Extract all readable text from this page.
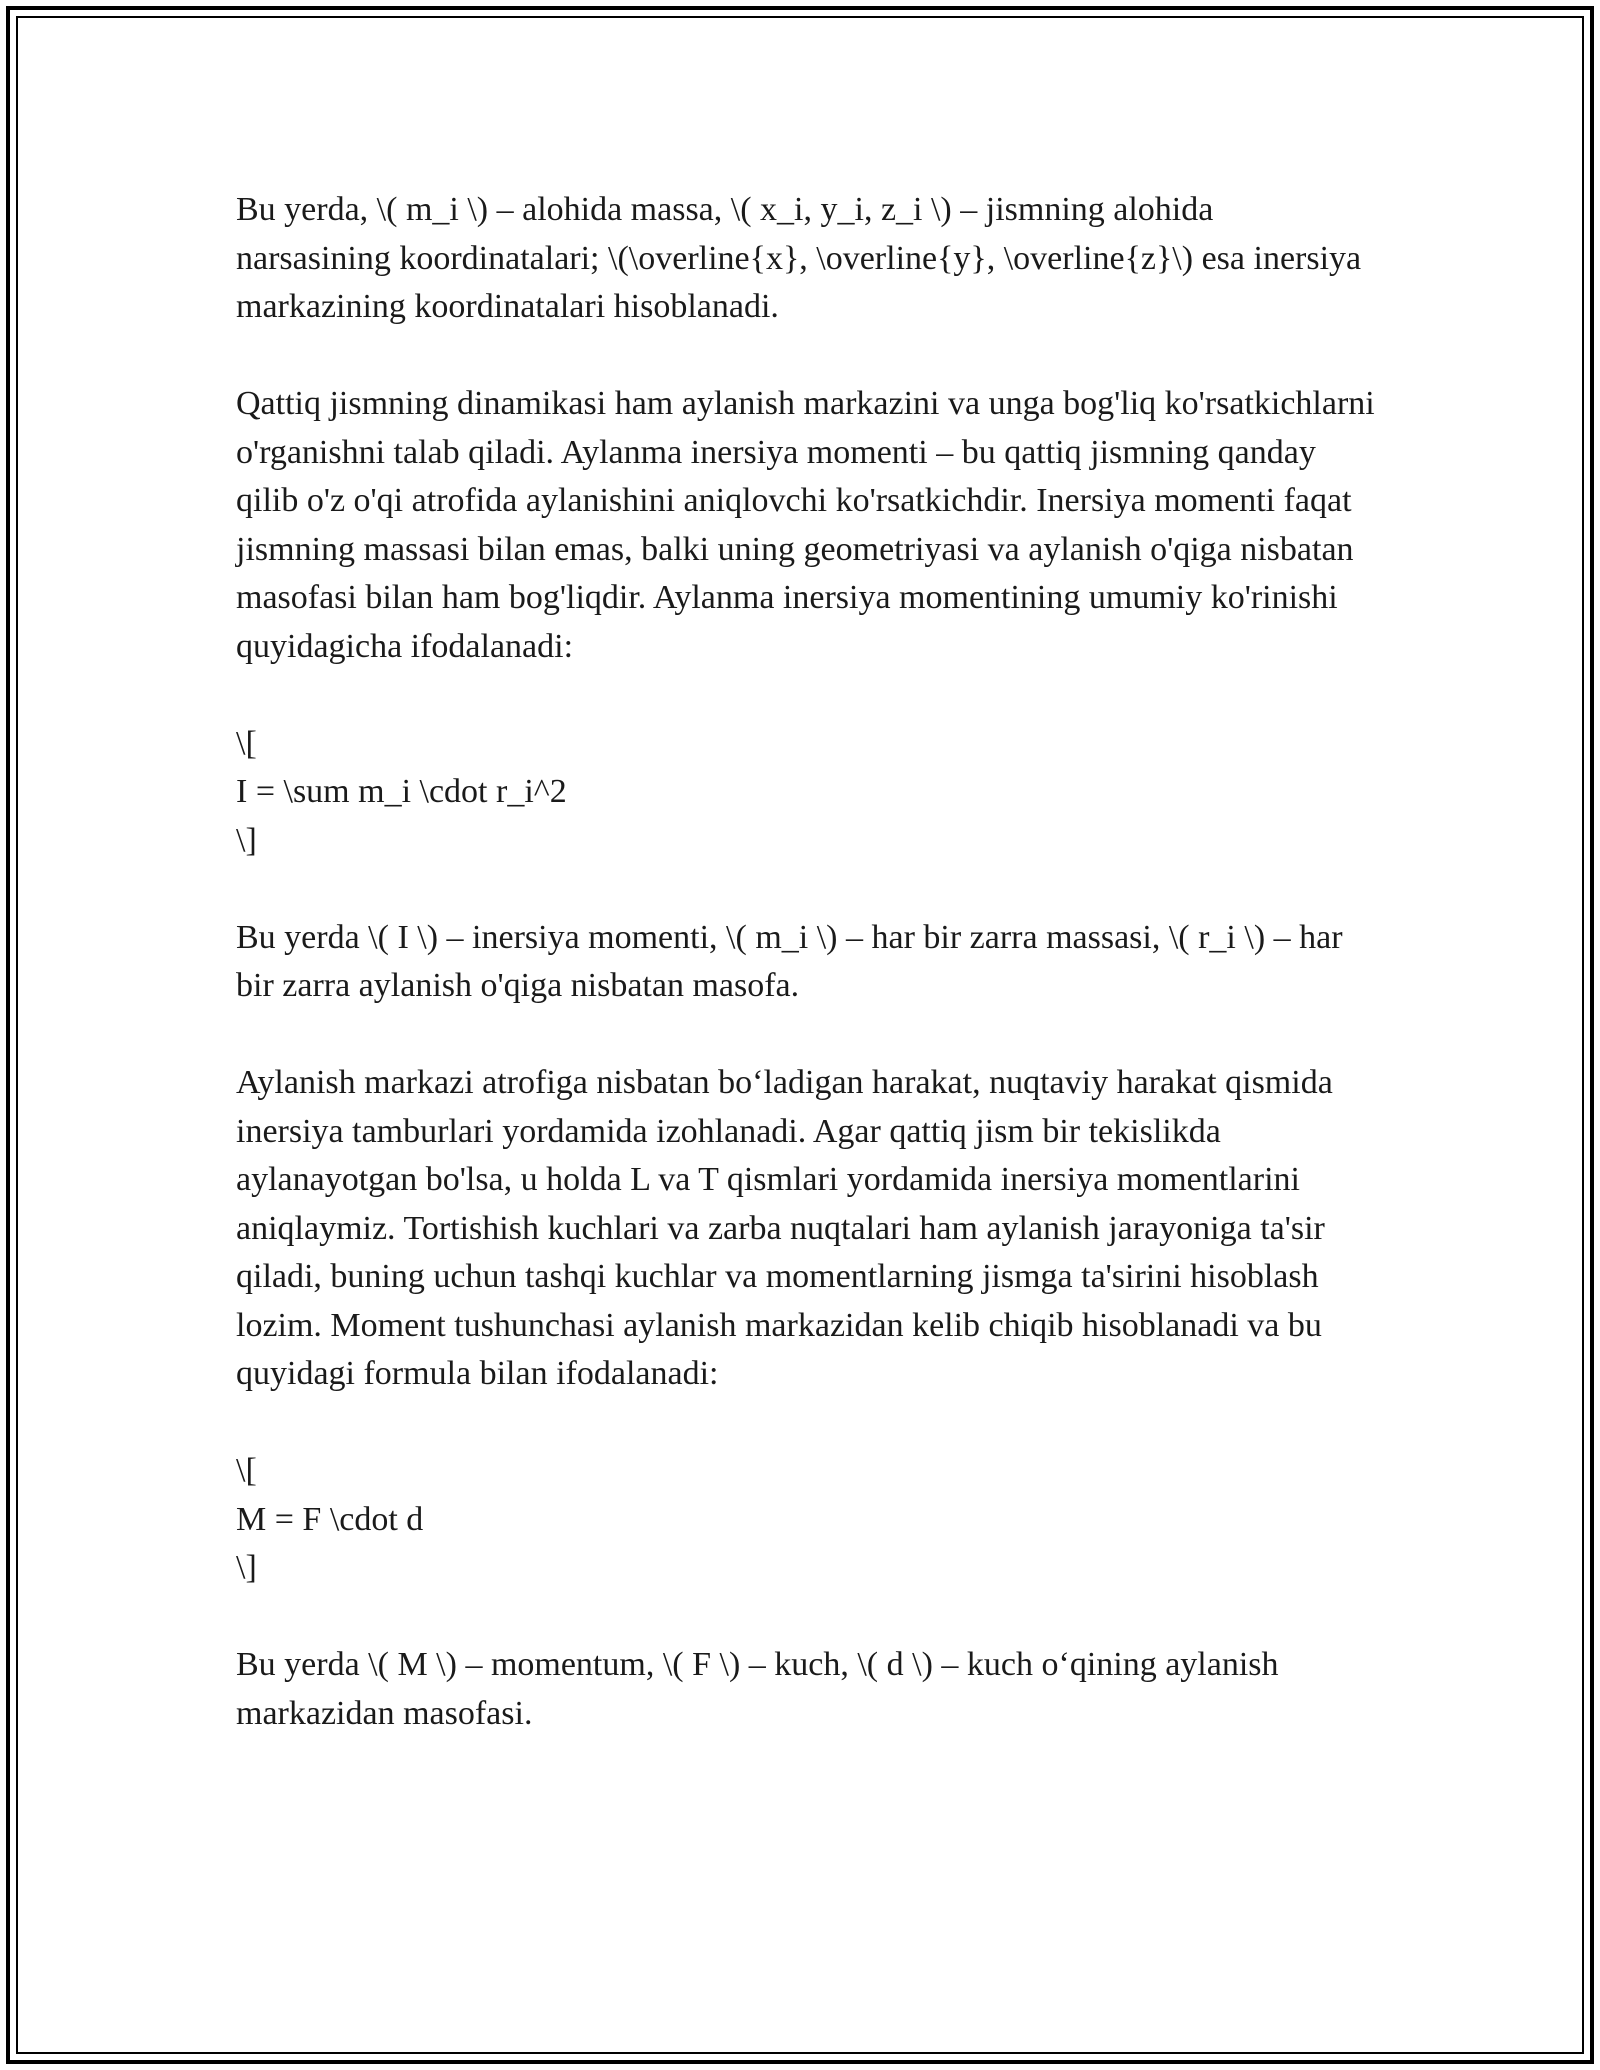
Bu yerda, \( m_i \) – alohida massa, \( x_i, y_i, z_i \) – jismning alohida narsasining koordinatalari; \(\overline{x}, \overline{y}, \overline{z}\) esa inersiya markazining koordinatalari hisoblanadi.

Qattiq jismning dinamikasi ham aylanish markazini va unga bog'liq ko'rsatkichlarni o'rganishni talab qiladi. Aylanma inersiya momenti – bu qattiq jismning qanday qilib o'z o'qi atrofida aylanishini aniqlovchi ko'rsatkichdir. Inersiya momenti faqat jismning massasi bilan emas, balki uning geometriyasi va aylanish o'qiga nisbatan masofasi bilan ham bog'liqdir. Aylanma inersiya momentining umumiy ko'rinishi quyidagicha ifodalanadi:

\[
I = \sum m_i \cdot r_i^2
\]

Bu yerda \( I \) – inersiya momenti, \( m_i \) – har bir zarra massasi, \( r_i \) – har bir zarra aylanish o'qiga nisbatan masofa.

Aylanish markazi atrofiga nisbatan bo‘ladigan harakat, nuqtaviy harakat qismida inersiya tamburlari yordamida izohlanadi. Agar qattiq jism bir tekislikda aylanayotgan bo'lsa, u holda L va T qismlari yordamida inersiya momentlarini aniqlaymiz. Tortishish kuchlari va zarba nuqtalari ham aylanish jarayoniga ta'sir qiladi, buning uchun tashqi kuchlar va momentlarning jismga ta'sirini hisoblash lozim. Moment tushunchasi aylanish markazidan kelib chiqib hisoblanadi va bu quyidagi formula bilan ifodalanadi:

\[
M = F \cdot d
\]

Bu yerda \( M \) – momentum, \( F \) – kuch, \( d \) – kuch o‘qining aylanish markazidan masofasi.
